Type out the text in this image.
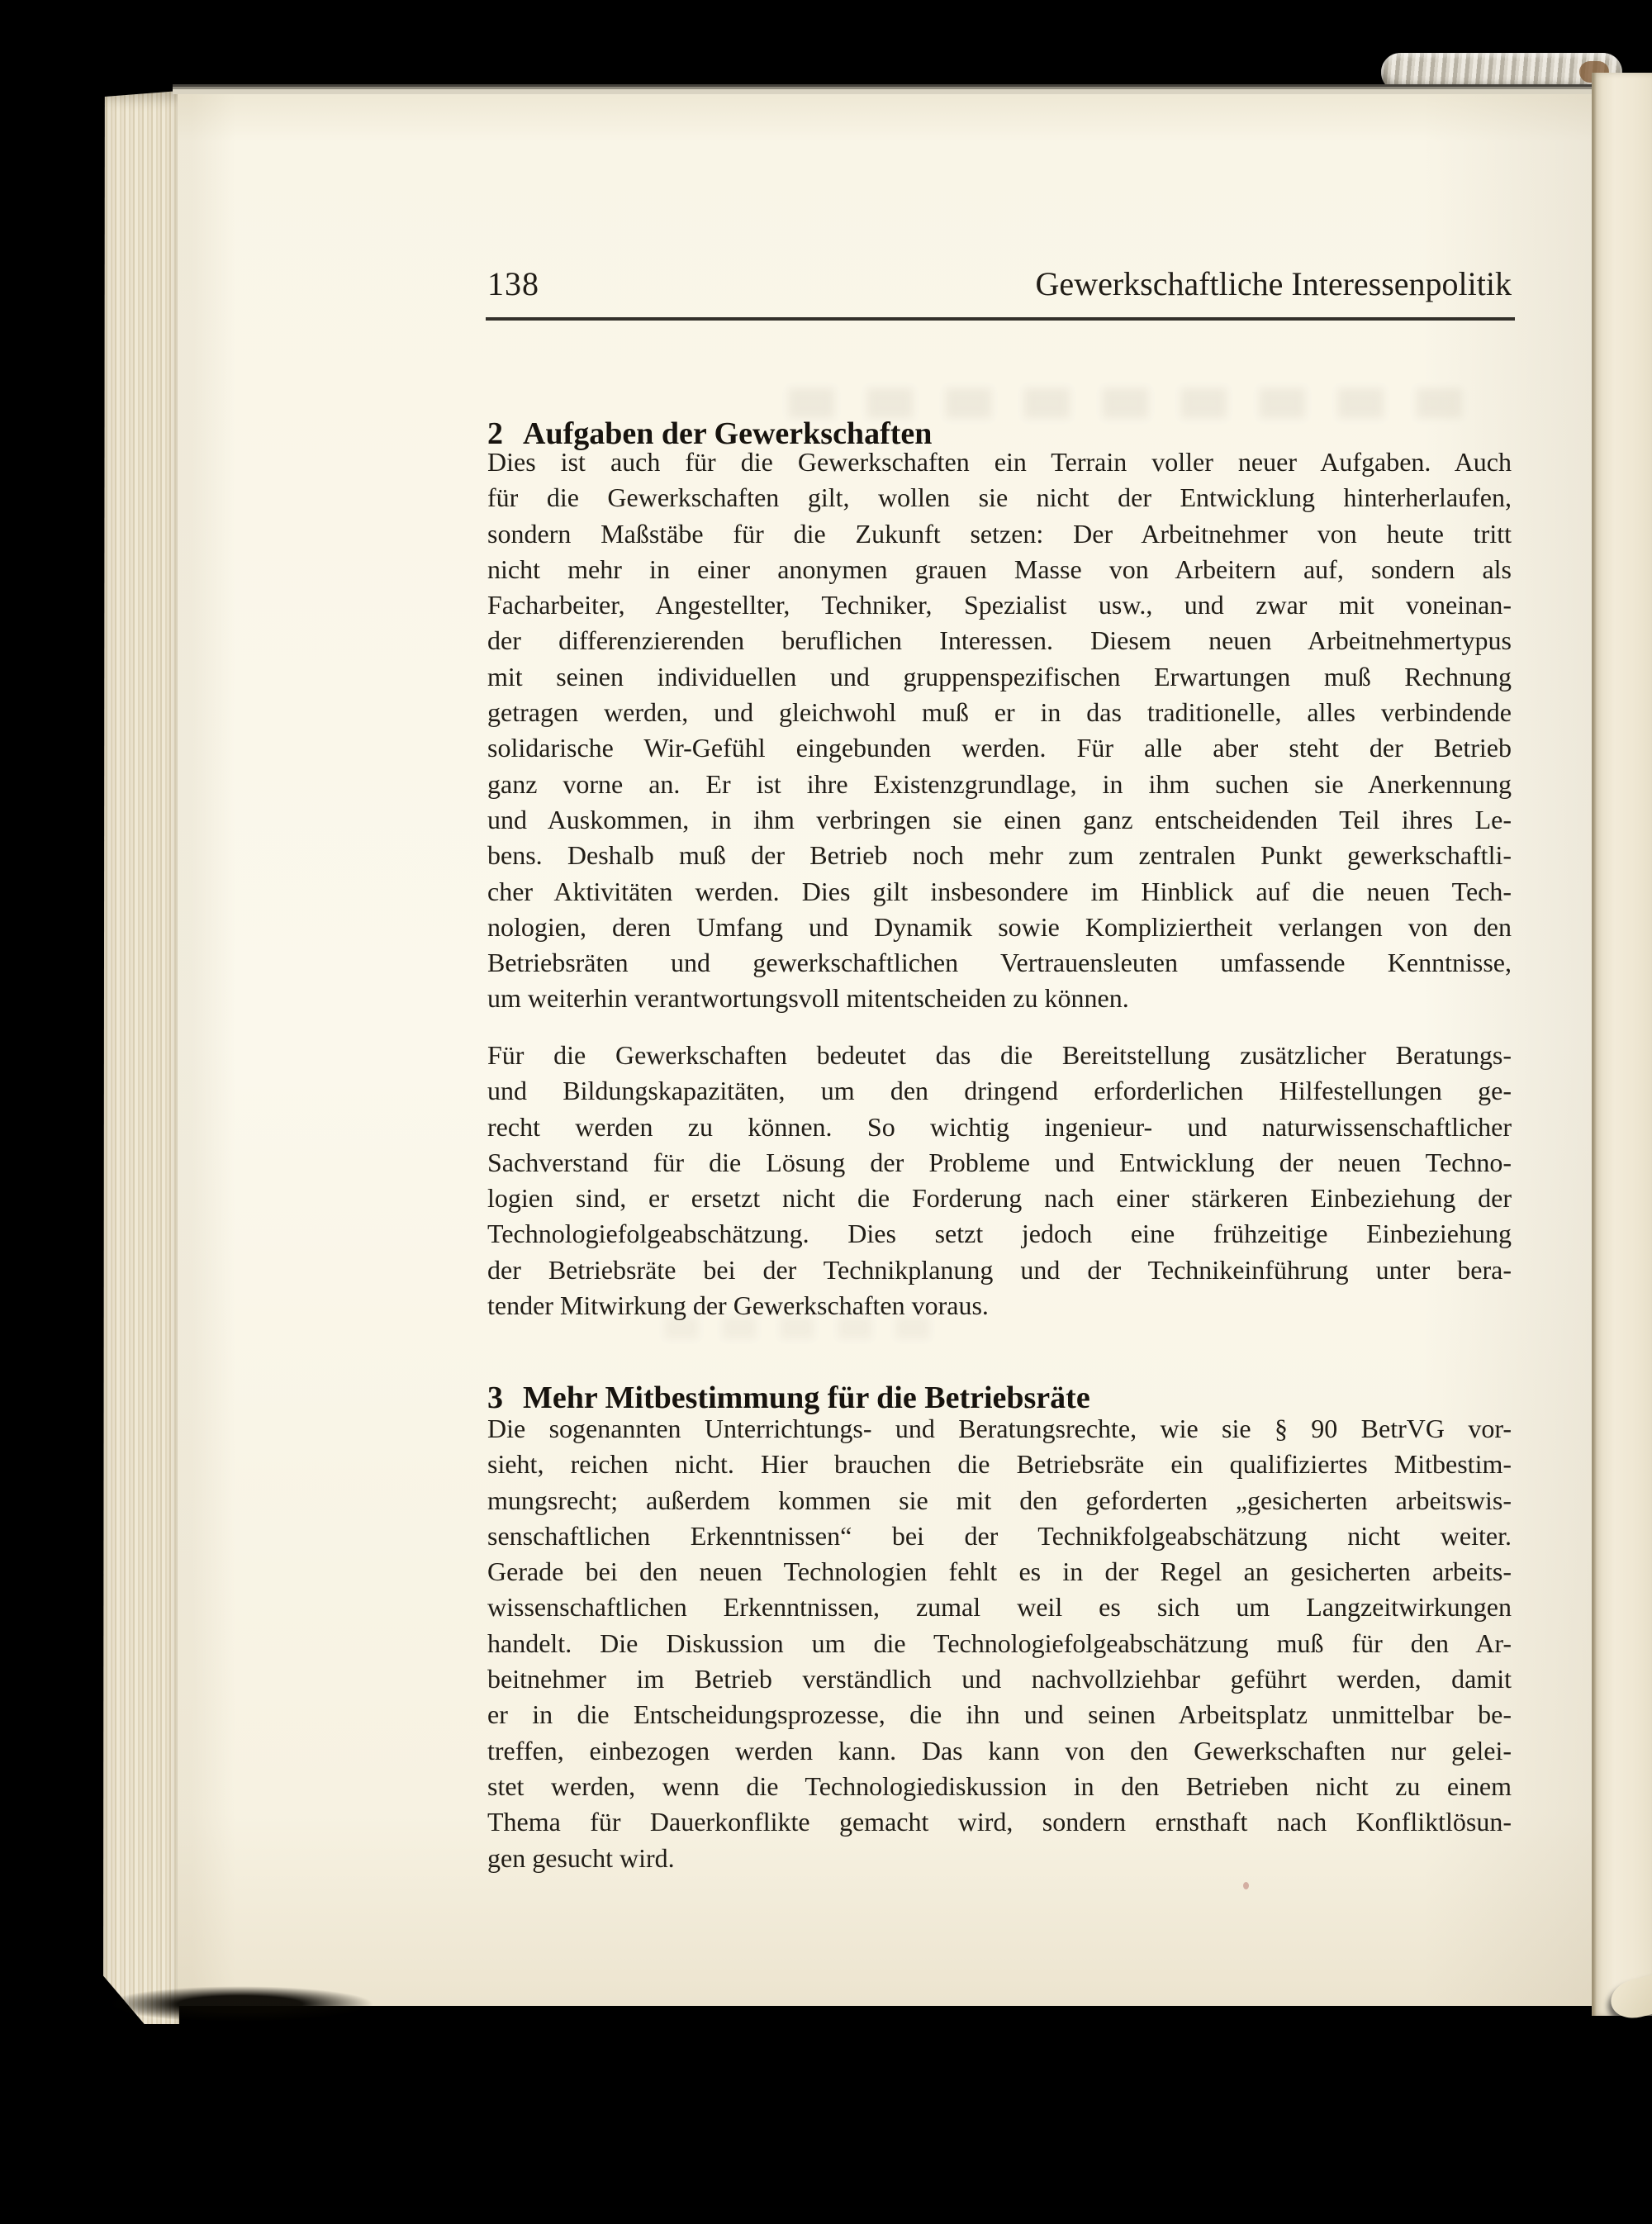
138	Gewerkschaftliche Interessenpolitik
2 Aufgaben der Gewerkschaften
Dies ist auch für die Gewerkschaften ein Terrain voller neuer Aufgaben. Auch
für die Gewerkschaften gilt, wollen sie nicht der Entwicklung hinterherlaufen,
sondern Maßstäbe für die Zukunft setzen: Der Arbeitnehmer von heute tritt
nicht mehr in einer anonymen grauen Masse von Arbeitern auf, sondern als
Facharbeiter, Angestellter, Techniker, Spezialist usw., und zwar mit voneinan-
der differenzierenden beruflichen Interessen. Diesem neuen Arbeitnehmertypus
mit seinen individuellen und gruppenspezifischen Erwartungen muß Rechnung
getragen werden, und gleichwohl muß er in das traditionelle, alles verbindende
solidarische Wir-Gefühl eingebunden werden. Für alle aber steht der Betrieb
ganz vorne an. Er ist ihre Existenzgrundlage, in ihm suchen sie Anerkennung
und Auskommen, in ihm verbringen sie einen ganz entscheidenden Teil ihres Le-
bens. Deshalb muß der Betrieb noch mehr zum zentralen Punkt gewerkschaftli-
cher Aktivitäten werden. Dies gilt insbesondere im Hinblick auf die neuen Tech-
nologien, deren Umfang und Dynamik sowie Kompliziertheit verlangen von den
Betriebsräten und gewerkschaftlichen Vertrauensleuten umfassende Kenntnisse,
um weiterhin verantwortungsvoll mitentscheiden zu können.
Für die Gewerkschaften bedeutet das die Bereitstellung zusätzlicher Beratungs-
und Bildungskapazitäten, um den dringend erforderlichen Hilfestellungen ge-
recht werden zu können. So wichtig ingenieur- und naturwissenschaftlicher
Sachverstand für die Lösung der Probleme und Entwicklung der neuen Techno-
logien sind, er ersetzt nicht die Forderung nach einer stärkeren Einbeziehung der
Technologiefolgeabschätzung. Dies setzt jedoch eine frühzeitige Einbeziehung
der Betriebsräte bei der Technikplanung und der Technikeinführung unter bera-
tender Mitwirkung der Gewerkschaften voraus.
3 Mehr Mitbestimmung für die Betriebsräte
Die sogenannten Unterrichtungs- und Beratungsrechte, wie sie § 90 BetrVG vor-
sieht, reichen nicht. Hier brauchen die Betriebsräte ein qualifiziertes Mitbestim-
mungsrecht; außerdem kommen sie mit den geforderten „gesicherten arbeitswis-
senschaftlichen Erkenntnissen“ bei der Technikfolgeabschätzung nicht weiter.
Gerade bei den neuen Technologien fehlt es in der Regel an gesicherten arbeits-
wissenschaftlichen Erkenntnissen, zumal weil es sich um Langzeitwirkungen
handelt. Die Diskussion um die Technologiefolgeabschätzung muß für den Ar-
beitnehmer im Betrieb verständlich und nachvollziehbar geführt werden, damit
er in die Entscheidungsprozesse, die ihn und seinen Arbeitsplatz unmittelbar be-
treffen, einbezogen werden kann. Das kann von den Gewerkschaften nur gelei-
stet werden, wenn die Technologiediskussion in den Betrieben nicht zu einem
Thema für Dauerkonflikte gemacht wird, sondern ernsthaft nach Konfliktlösun-
gen gesucht wird.
